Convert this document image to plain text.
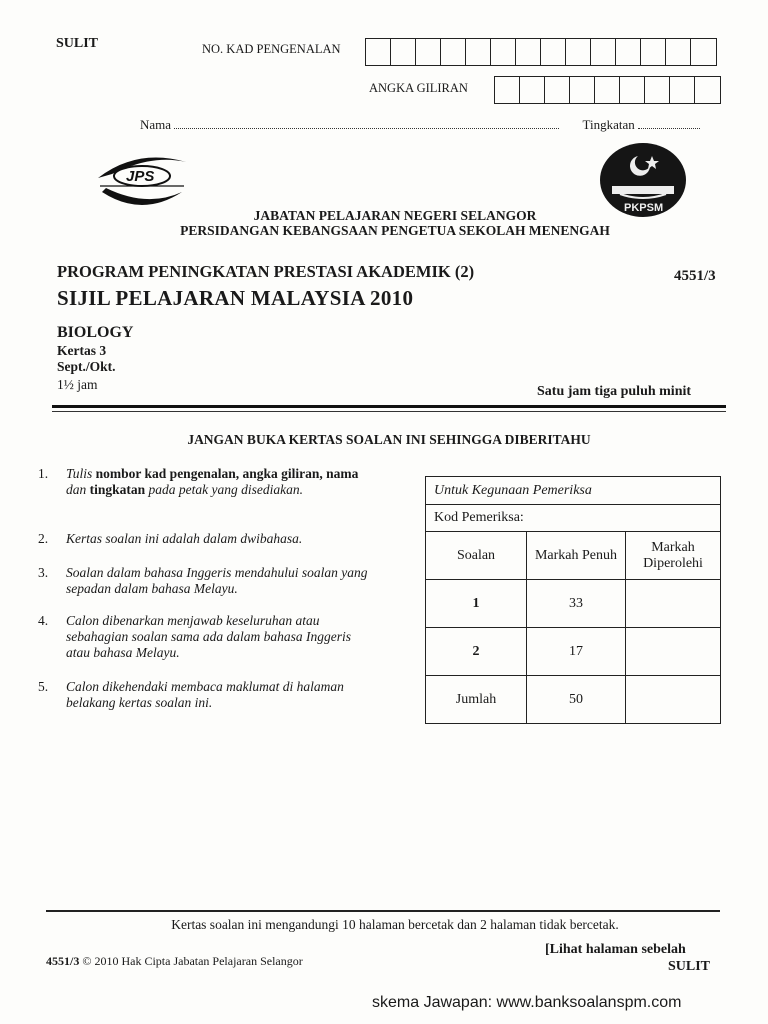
SULIT	NO. KAD PENGENALAN
ANGKA GILIRAN
Nama	Tingkatan
JPS
PKPSM
JABATAN PELAJARAN NEGERI SELANGOR
PERSIDANGAN KEBANGSAAN PENGETUA SEKOLAH MENENGAH
PROGRAM PENINGKATAN PRESTASI AKADEMIK (2)	4551/3
SIJIL PELAJARAN MALAYSIA 2010
BIOLOGY
Kertas 3
Sept./Okt.
1½ jam	Satu jam tiga puluh minit
JANGAN BUKA KERTAS SOALAN INI SEHINGGA DIBERITAHU
1. Tulis nombor kad pengenalan, angka giliran, nama dan tingkatan pada petak yang disediakan.
2. Kertas soalan ini adalah dalam dwibahasa.
3. Soalan dalam bahasa Inggeris mendahului soalan yang sepadan dalam bahasa Melayu.
4. Calon dibenarkan menjawab keseluruhan atau sebahagian soalan sama ada dalam bahasa Inggeris atau bahasa Melayu.
5. Calon dikehendaki membaca maklumat di halaman belakang kertas soalan ini.
Untuk Kegunaan Pemeriksa		
Kod Pemeriksa:		
Soalan	Markah Penuh	Markah Diperolehi
1	33	
2	17	
Jumlah	50	
Kertas soalan ini mengandungi 10 halaman bercetak dan 2 halaman tidak bercetak.
4551/3 © 2010 Hak Cipta Jabatan Pelajaran Selangor
[Lihat halaman sebelah
SULIT
skema Jawapan: www.banksoalanspm.com
